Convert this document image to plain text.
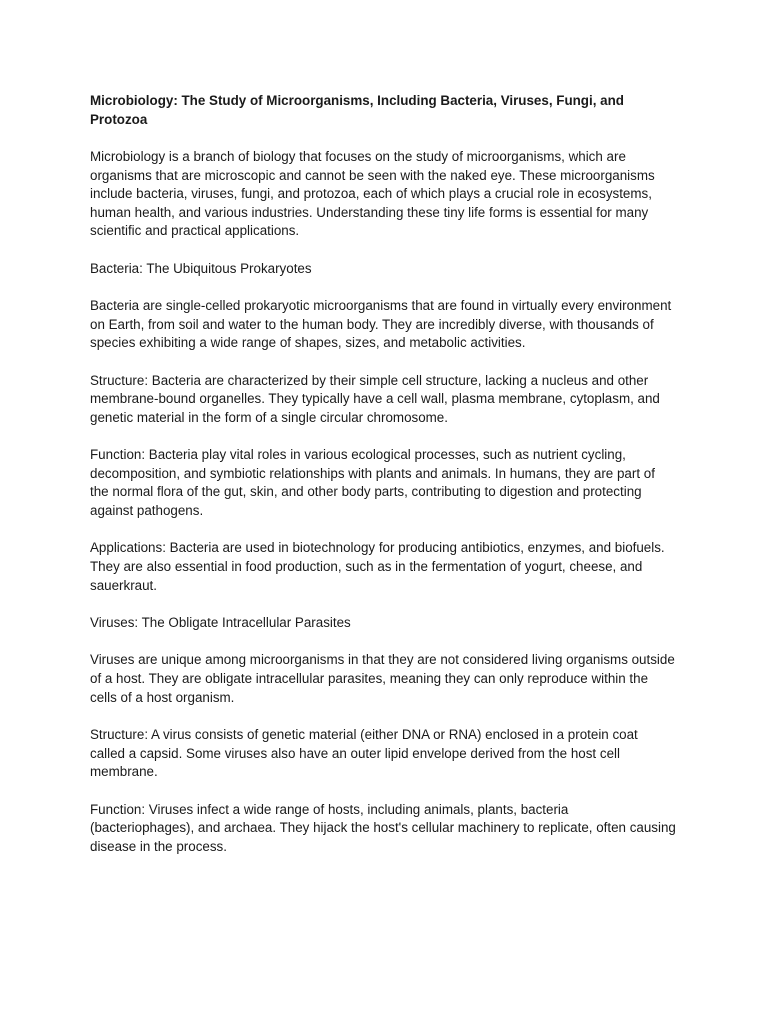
Microbiology: The Study of Microorganisms, Including Bacteria, Viruses, Fungi, and Protozoa
Microbiology is a branch of biology that focuses on the study of microorganisms, which are organisms that are microscopic and cannot be seen with the naked eye. These microorganisms include bacteria, viruses, fungi, and protozoa, each of which plays a crucial role in ecosystems, human health, and various industries. Understanding these tiny life forms is essential for many scientific and practical applications.
Bacteria: The Ubiquitous Prokaryotes
Bacteria are single-celled prokaryotic microorganisms that are found in virtually every environment on Earth, from soil and water to the human body. They are incredibly diverse, with thousands of species exhibiting a wide range of shapes, sizes, and metabolic activities.
Structure: Bacteria are characterized by their simple cell structure, lacking a nucleus and other membrane-bound organelles. They typically have a cell wall, plasma membrane, cytoplasm, and genetic material in the form of a single circular chromosome.
Function: Bacteria play vital roles in various ecological processes, such as nutrient cycling, decomposition, and symbiotic relationships with plants and animals. In humans, they are part of the normal flora of the gut, skin, and other body parts, contributing to digestion and protecting against pathogens.
Applications: Bacteria are used in biotechnology for producing antibiotics, enzymes, and biofuels. They are also essential in food production, such as in the fermentation of yogurt, cheese, and sauerkraut.
Viruses: The Obligate Intracellular Parasites
Viruses are unique among microorganisms in that they are not considered living organisms outside of a host. They are obligate intracellular parasites, meaning they can only reproduce within the cells of a host organism.
Structure: A virus consists of genetic material (either DNA or RNA) enclosed in a protein coat called a capsid. Some viruses also have an outer lipid envelope derived from the host cell membrane.
Function: Viruses infect a wide range of hosts, including animals, plants, bacteria (bacteriophages), and archaea. They hijack the host's cellular machinery to replicate, often causing disease in the process.
